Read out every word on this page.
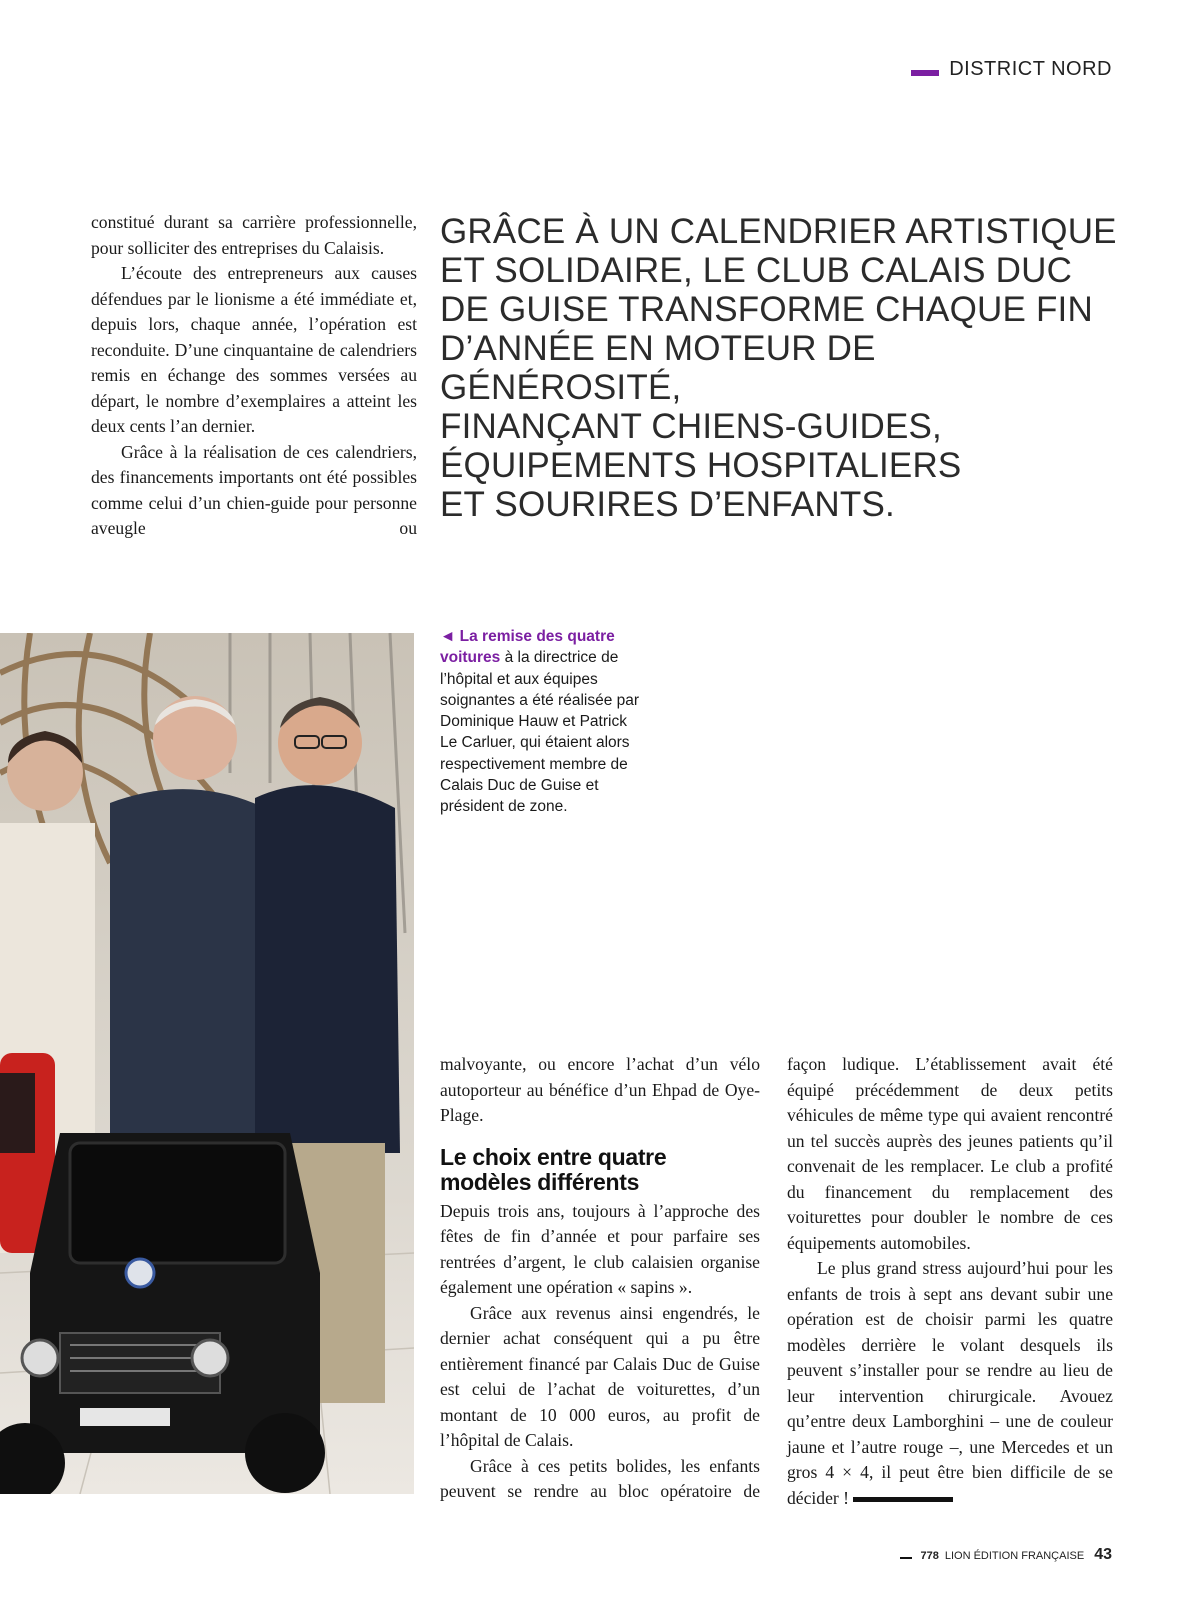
DISTRICT NORD

constitué durant sa carrière professionnelle, pour solliciter des entreprises du Calaisis.

L’écoute des entrepreneurs aux causes défendues par le lionisme a été immédiate et, depuis lors, chaque année, l’opération est reconduite. D’une cinquantaine de calendriers remis en échange des sommes versées au départ, le nombre d’exemplaires a atteint les deux cents l’an dernier.

Grâce à la réalisation de ces calendriers, des financements importants ont été possibles comme celui d’un chien-guide pour personne aveugle ou

GRÂCE À UN CALENDRIER ARTISTIQUE

ET SOLIDAIRE, LE CLUB CALAIS DUC

DE GUISE TRANSFORME CHAQUE FIN

D’ANNÉE EN MOTEUR DE GÉNÉROSITÉ,

FINANÇANT CHIENS-GUIDES,

ÉQUIPEMENTS HOSPITALIERS

ET SOURIRES D’ENFANTS.

◄ La remise des quatre voitures à la directrice de l’hôpital et aux équipes soignantes a été réalisée par Dominique Hauw et Patrick Le Carluer, qui étaient alors respectivement membre de Calais Duc de Guise et président de zone.

malvoyante, ou encore l’achat d’un vélo autoporteur au bénéfice d’un Ehpad de Oye-Plage.

Le choix entre quatre modèles différents

Depuis trois ans, toujours à l’approche des fêtes de fin d’année et pour parfaire ses rentrées d’argent, le club calaisien organise également une opération « sapins ».

Grâce aux revenus ainsi engendrés, le dernier achat conséquent qui a pu être entièrement financé par Calais Duc de Guise est celui de l’achat de voiturettes, d’un montant de 10 000 euros, au profit de l’hôpital de Calais.

Grâce à ces petits bolides, les enfants peuvent se rendre au bloc opératoire de

façon ludique. L’établissement avait été équipé précédemment de deux petits véhicules de même type qui avaient rencontré un tel succès auprès des jeunes patients qu’il convenait de les remplacer. Le club a profité du financement du remplacement des voiturettes pour doubler le nombre de ces équipements automobiles.

Le plus grand stress aujourd’hui pour les enfants de trois à sept ans devant subir une opération est de choisir parmi les quatre modèles derrière le volant desquels ils peuvent s’installer pour se rendre au lieu de leur intervention chirurgicale. Avouez qu’entre deux Lamborghini – une de couleur jaune et l’autre rouge –, une Mercedes et un gros 4 × 4, il peut être bien difficile de se décider !

778 LION ÉDITION FRANÇAISE 43
